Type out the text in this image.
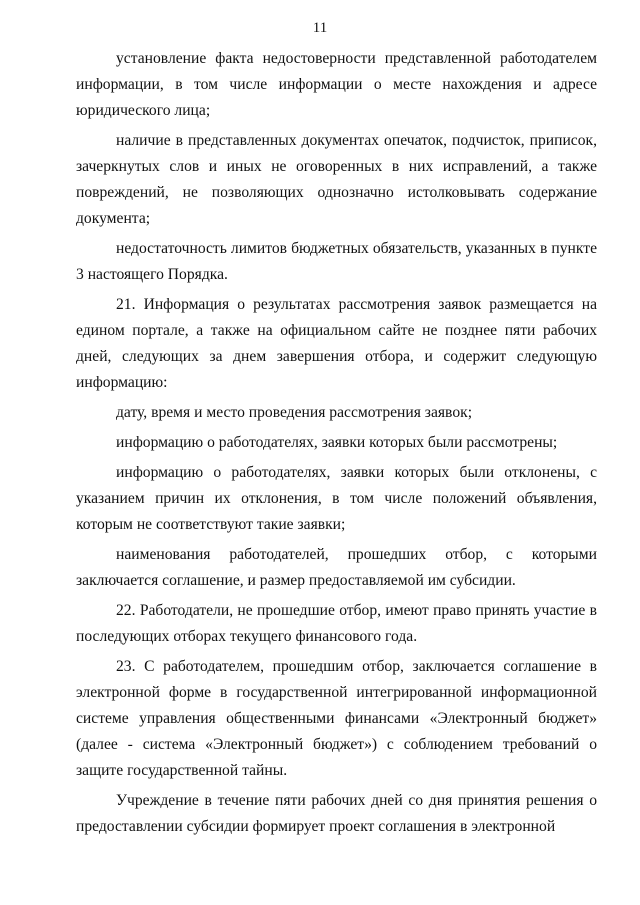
11

установление факта недостоверности представленной работодателем информации, в том числе информации о месте нахождения и адресе юридического лица;

наличие в представленных документах опечаток, подчисток, приписок, зачеркнутых слов и иных не оговоренных в них исправлений, а также повреждений, не позволяющих однозначно истолковывать содержание документа;

недостаточность лимитов бюджетных обязательств, указанных в пункте 3 настоящего Порядка.

21. Информация о результатах рассмотрения заявок размещается на едином портале, а также на официальном сайте не позднее пяти рабочих дней, следующих за днем завершения отбора, и содержит следующую информацию:

дату, время и место проведения рассмотрения заявок;

информацию о работодателях, заявки которых были рассмотрены;

информацию о работодателях, заявки которых были отклонены, с указанием причин их отклонения, в том числе положений объявления, которым не соответствуют такие заявки;

наименования работодателей, прошедших отбор, с которыми заключается соглашение, и размер предоставляемой им субсидии.

22. Работодатели, не прошедшие отбор, имеют право принять участие в последующих отборах текущего финансового года.

23. С работодателем, прошедшим отбор, заключается соглашение в электронной форме в государственной интегрированной информационной системе управления общественными финансами «Электронный бюджет» (далее - система «Электронный бюджет») с соблюдением требований о защите государственной тайны.

Учреждение в течение пяти рабочих дней со дня принятия решения о предоставлении субсидии формирует проект соглашения в электронной
